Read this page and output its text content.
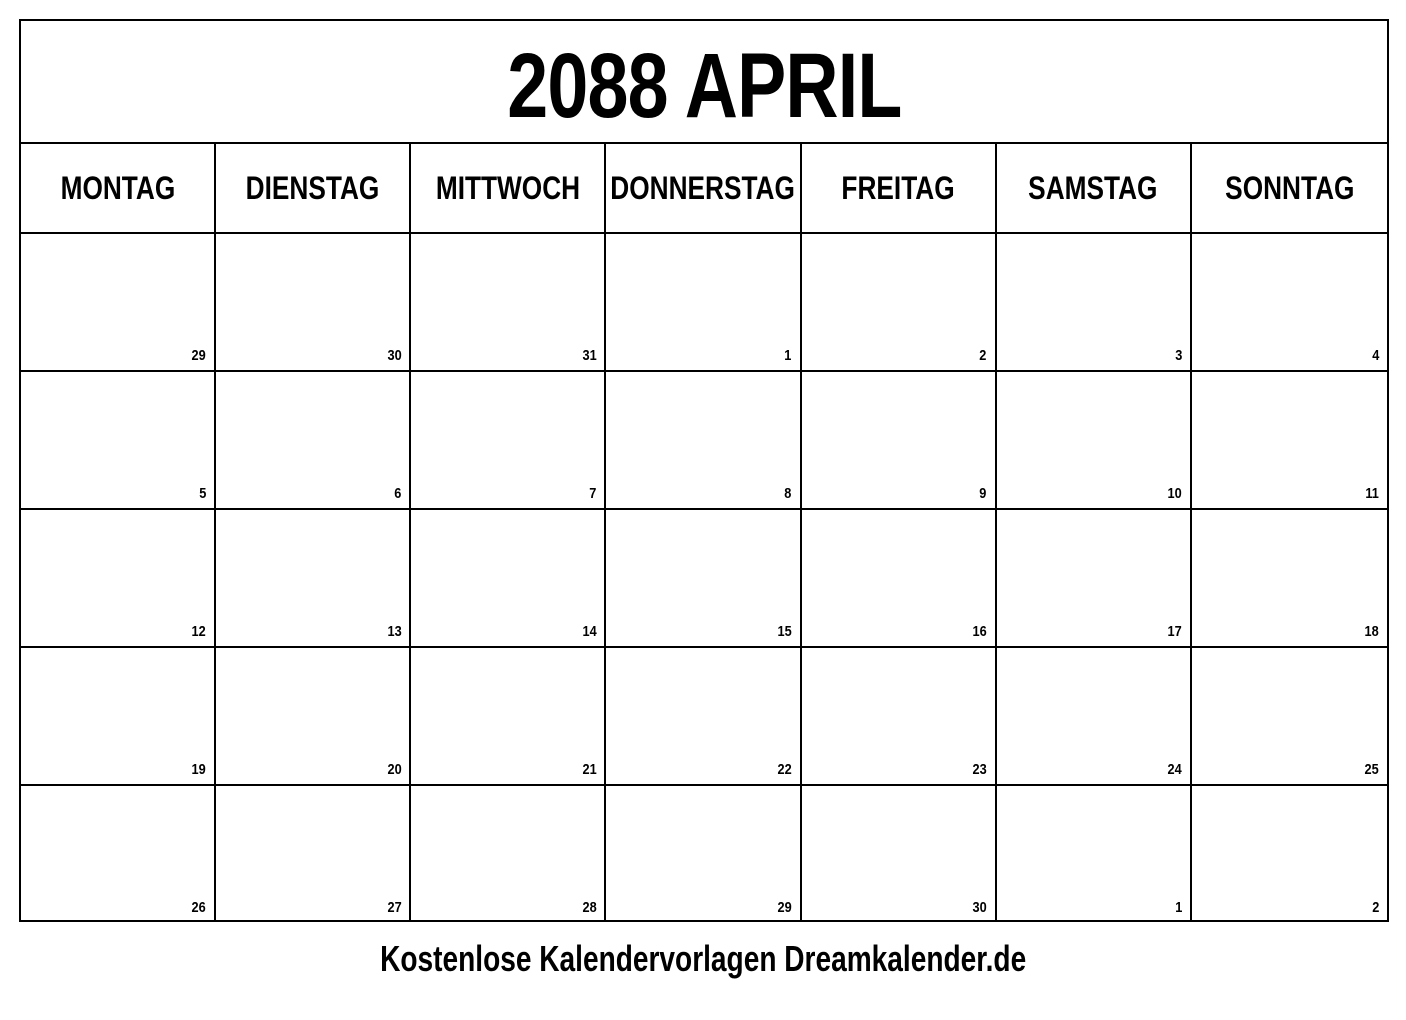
2088 APRIL
MONTAG DIENSTAG MITTWOCH DONNERSTAG FREITAG SAMSTAG SONNTAG
29	30	31	1	2	3	4
5	6	7	8	9	10	11
12	13	14	15	16	17	18
19	20	21	22	23	24	25
26	27	28	29	30	1	2
Kostenlose Kalendervorlagen Dreamkalender.de
